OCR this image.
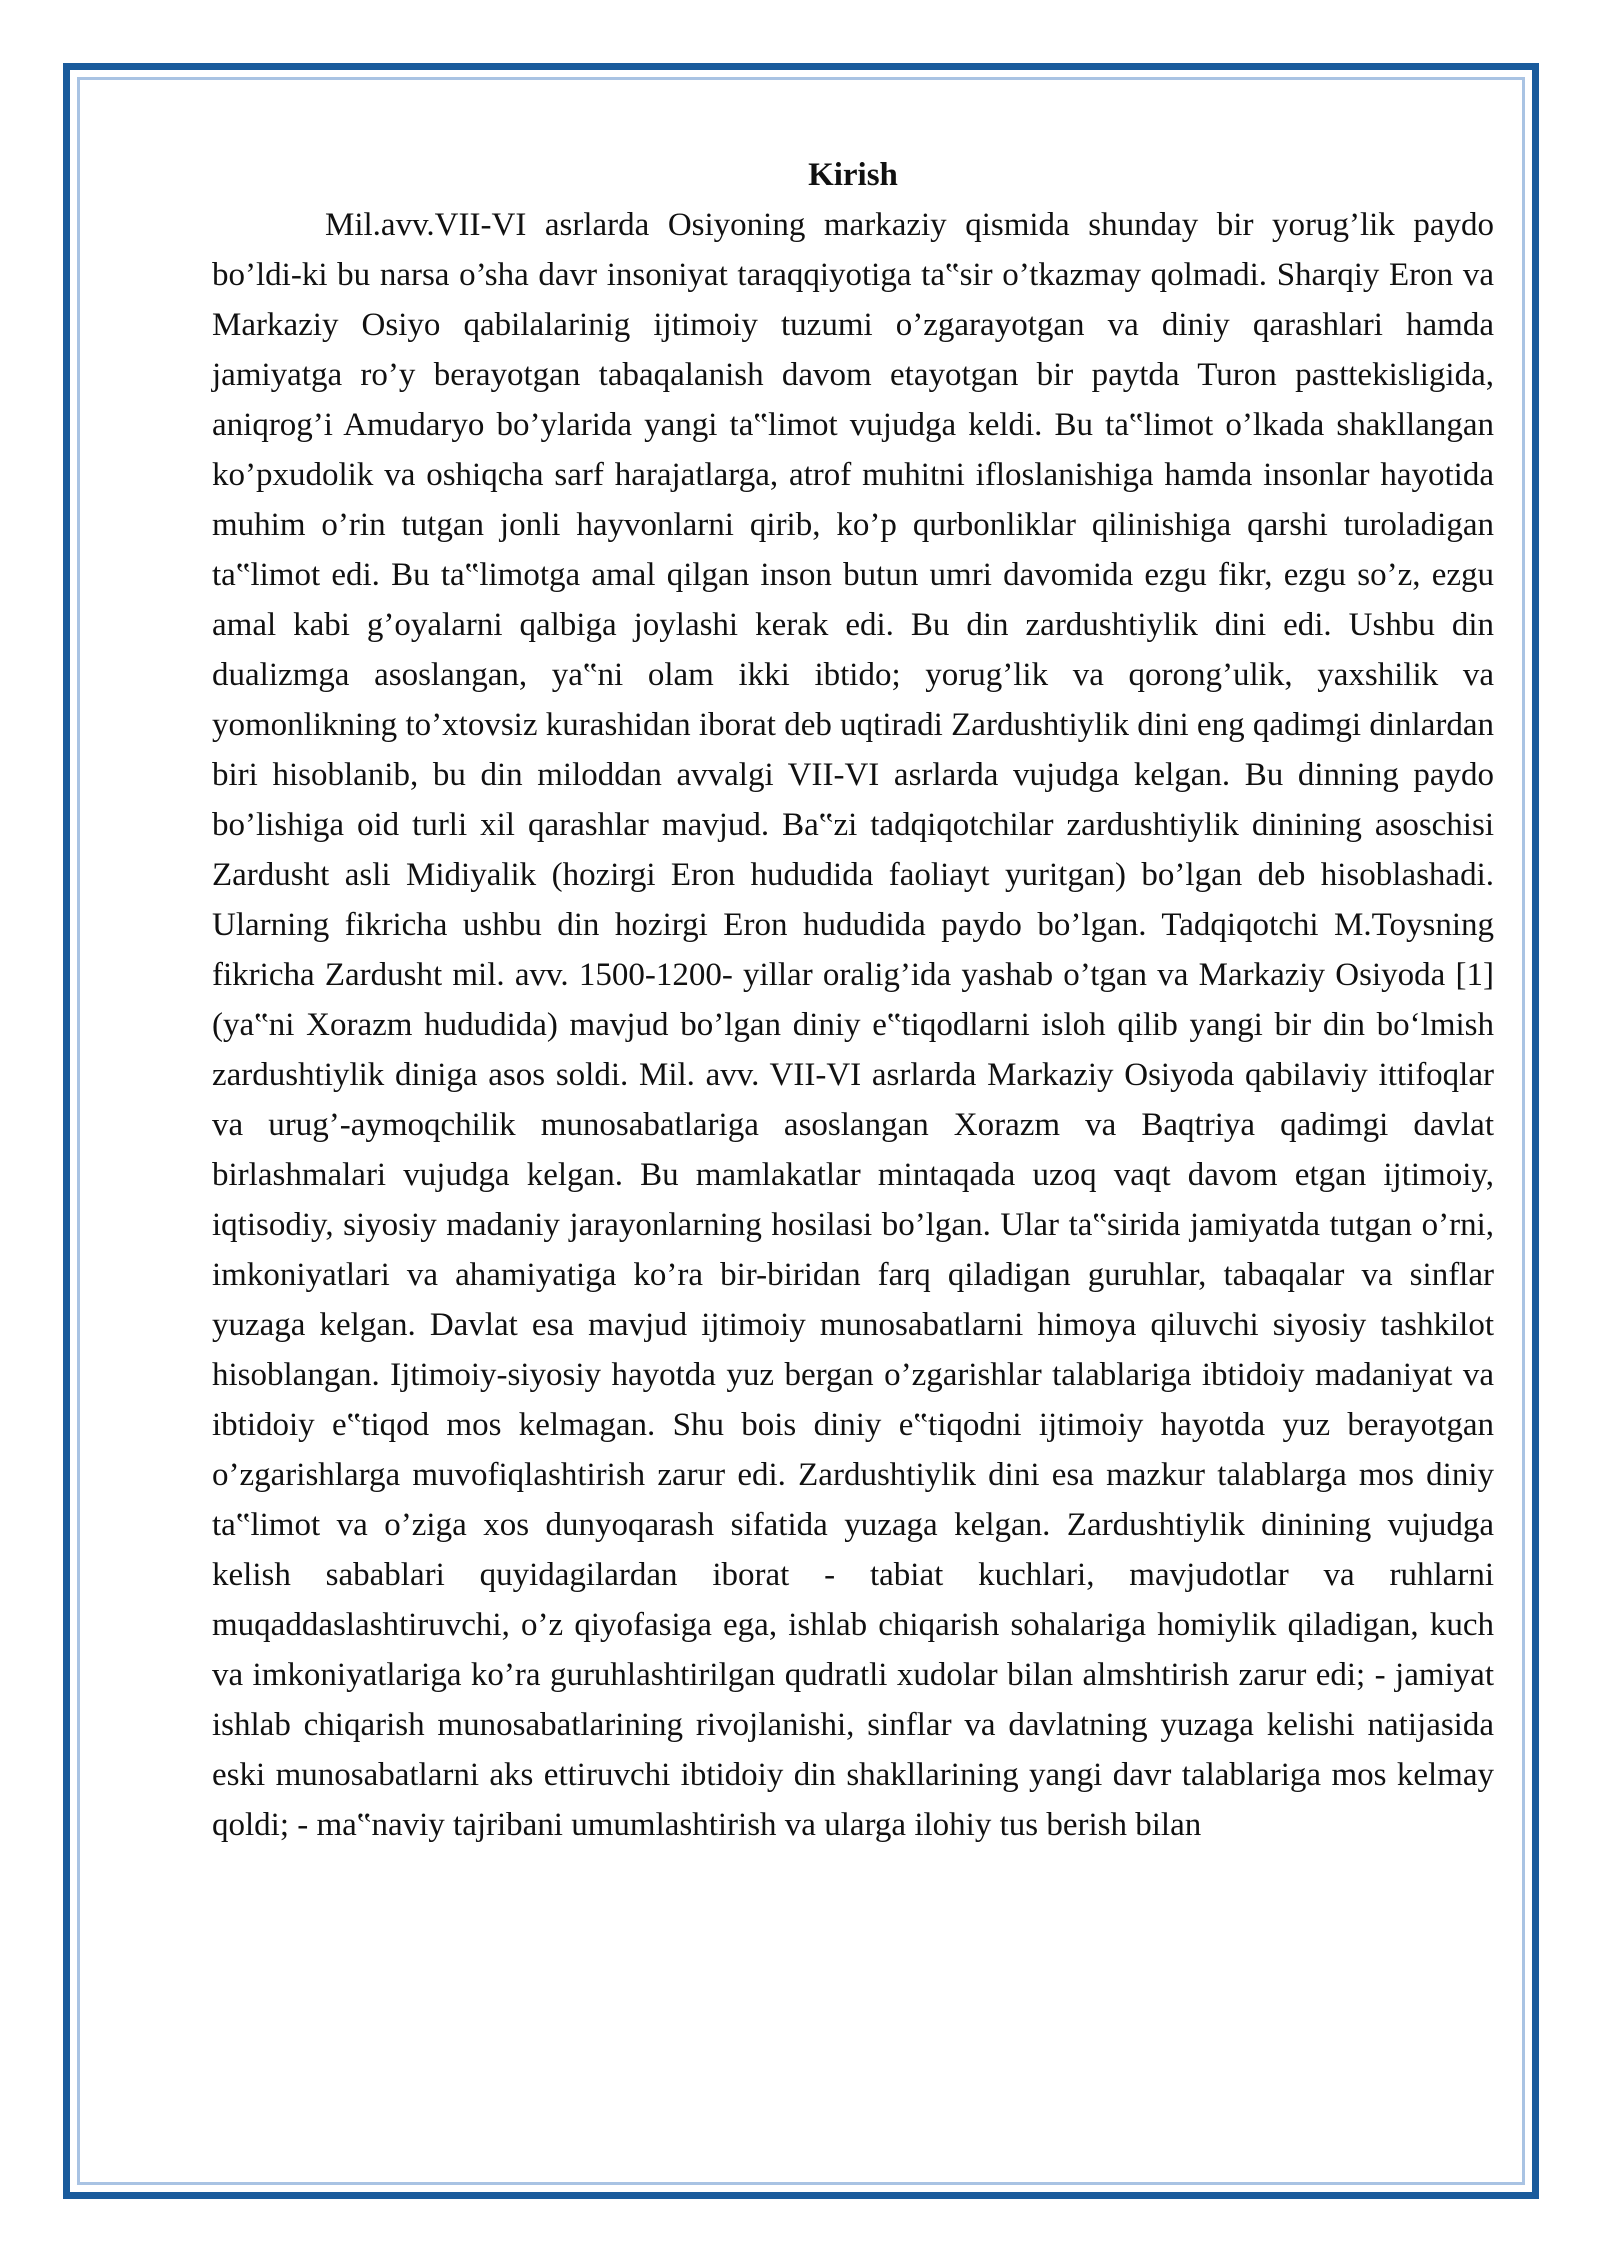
Kirish

Mil.avv.VII-VI asrlarda Osiyoning markaziy qismida shunday bir yorug’lik paydo bo’ldi-ki bu narsa o’sha davr insoniyat taraqqiyotiga ta‟sir o’tkazmay qolmadi. Sharqiy Eron va Markaziy Osiyo qabilalarinig ijtimoiy tuzumi o’zgarayotgan va diniy qarashlari hamda jamiyatga ro’y berayotgan tabaqalanish davom etayotgan bir paytda Turon pasttekisligida, aniqrog’i Amudaryo bo’ylarida yangi ta‟limot vujudga keldi. Bu ta‟limot o’lkada shakllangan ko’pxudolik va oshiqcha sarf harajatlarga, atrof muhitni ifloslanishiga hamda insonlar hayotida muhim o’rin tutgan jonli hayvonlarni qirib, ko’p qurbonliklar qilinishiga qarshi turoladigan ta‟limot edi. Bu ta‟limotga amal qilgan inson butun umri davomida ezgu fikr, ezgu so’z, ezgu amal kabi g’oyalarni qalbiga joylashi kerak edi. Bu din zardushtiylik dini edi. Ushbu din dualizmga asoslangan, ya‟ni olam ikki ibtido; yorug’lik va qorong’ulik, yaxshilik va yomonlikning to’xtovsiz kurashidan iborat deb uqtiradi Zardushtiylik dini eng qadimgi dinlardan biri hisoblanib, bu din miloddan avvalgi VII-VI asrlarda vujudga kelgan. Bu dinning paydo bo’lishiga oid turli xil qarashlar mavjud. Ba‟zi tadqiqotchilar zardushtiylik dinining asoschisi Zardusht asli Midiyalik (hozirgi Eron hududida faoliayt yuritgan) bo’lgan deb hisoblashadi. Ularning fikricha ushbu din hozirgi Eron hududida paydo bo’lgan. Tadqiqotchi M.Toysning fikricha Zardusht mil. avv. 1500-1200- yillar oralig’ida yashab o’tgan va Markaziy Osiyoda [1](ya‟ni Xorazm hududida) mavjud bo’lgan diniy e‟tiqodlarni isloh qilib yangi bir din bo‘lmish zardushtiylik diniga asos soldi. Mil. avv. VII-VI asrlarda Markaziy Osiyoda qabilaviy ittifoqlar va urug’-aymoqchilik munosabatlariga asoslangan Xorazm va Baqtriya qadimgi davlat birlashmalari vujudga kelgan. Bu mamlakatlar mintaqada uzoq vaqt davom etgan ijtimoiy, iqtisodiy, siyosiy madaniy jarayonlarning hosilasi bo’lgan. Ular ta‟sirida jamiyatda tutgan o’rni, imkoniyatlari va ahamiyatiga ko’ra bir-biridan farq qiladigan guruhlar, tabaqalar va sinflar yuzaga kelgan. Davlat esa mavjud ijtimoiy munosabatlarni himoya qiluvchi siyosiy tashkilot hisoblangan. Ijtimoiy-siyosiy hayotda yuz bergan o’zgarishlar talablariga ibtidoiy madaniyat va ibtidoiy e‟tiqod mos kelmagan. Shu bois diniy e‟tiqodni ijtimoiy hayotda yuz berayotgan o’zgarishlarga muvofiqlashtirish zarur edi. Zardushtiylik dini esa mazkur talablarga mos diniy ta‟limot va o’ziga xos dunyoqarash sifatida yuzaga kelgan. Zardushtiylik dinining vujudga kelish sabablari quyidagilardan iborat - tabiat kuchlari, mavjudotlar va ruhlarni muqaddaslashtiruvchi, o’z qiyofasiga ega, ishlab chiqarish sohalariga homiylik qiladigan, kuch va imkoniyatlariga ko’ra guruhlashtirilgan qudratli xudolar bilan almshtirish zarur edi; - jamiyat ishlab chiqarish munosabatlarining rivojlanishi, sinflar va davlatning yuzaga kelishi natijasida eski munosabatlarni aks ettiruvchi ibtidoiy din shakllarining yangi davr talablariga mos kelmay qoldi; - ma‟naviy tajribani umumlashtirish va ularga ilohiy tus berish bilan
